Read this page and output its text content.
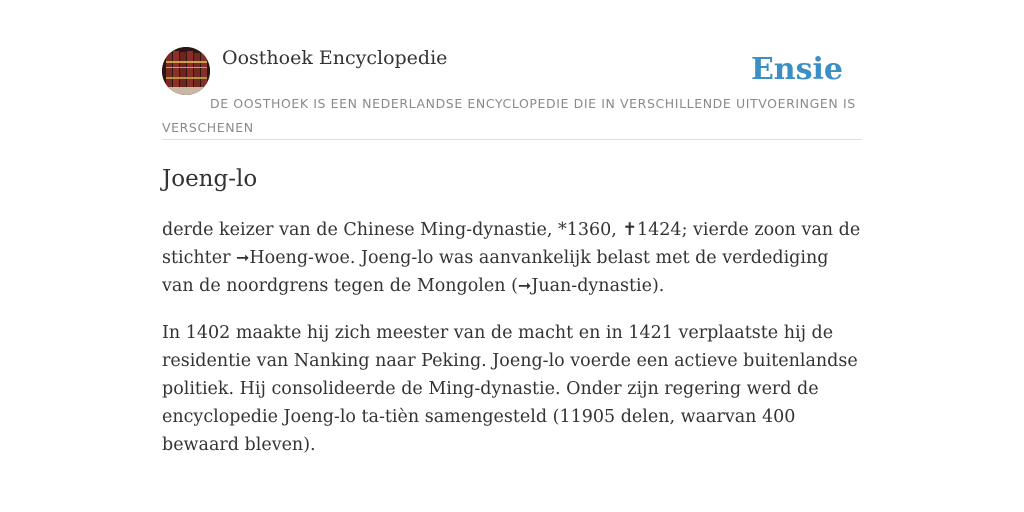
Oosthoek Encyclopedie	Ensie
DE OOSTHOEK IS EEN NEDERLANDSE ENCYCLOPEDIE DIE IN VERSCHILLENDE UITVOERINGEN IS VERSCHENEN
Joeng-lo

derde keizer van de Chinese Ming-dynastie, *1360, ✝1424; vierde zoon van de stichter ➞Hoeng-woe. Joeng-lo was aanvankelijk belast met de verdediging van de noordgrens tegen de Mongolen (➞Juan-dynastie).

In 1402 maakte hij zich meester van de macht en in 1421 verplaatste hij de residentie van Nanking naar Peking. Joeng-lo voerde een actieve buitenlandse politiek. Hij consolideerde de Ming-dynastie. Onder zijn regering werd de encyclopedie Joeng-lo ta-tièn samengesteld (11905 delen, waarvan 400 bewaard bleven).
